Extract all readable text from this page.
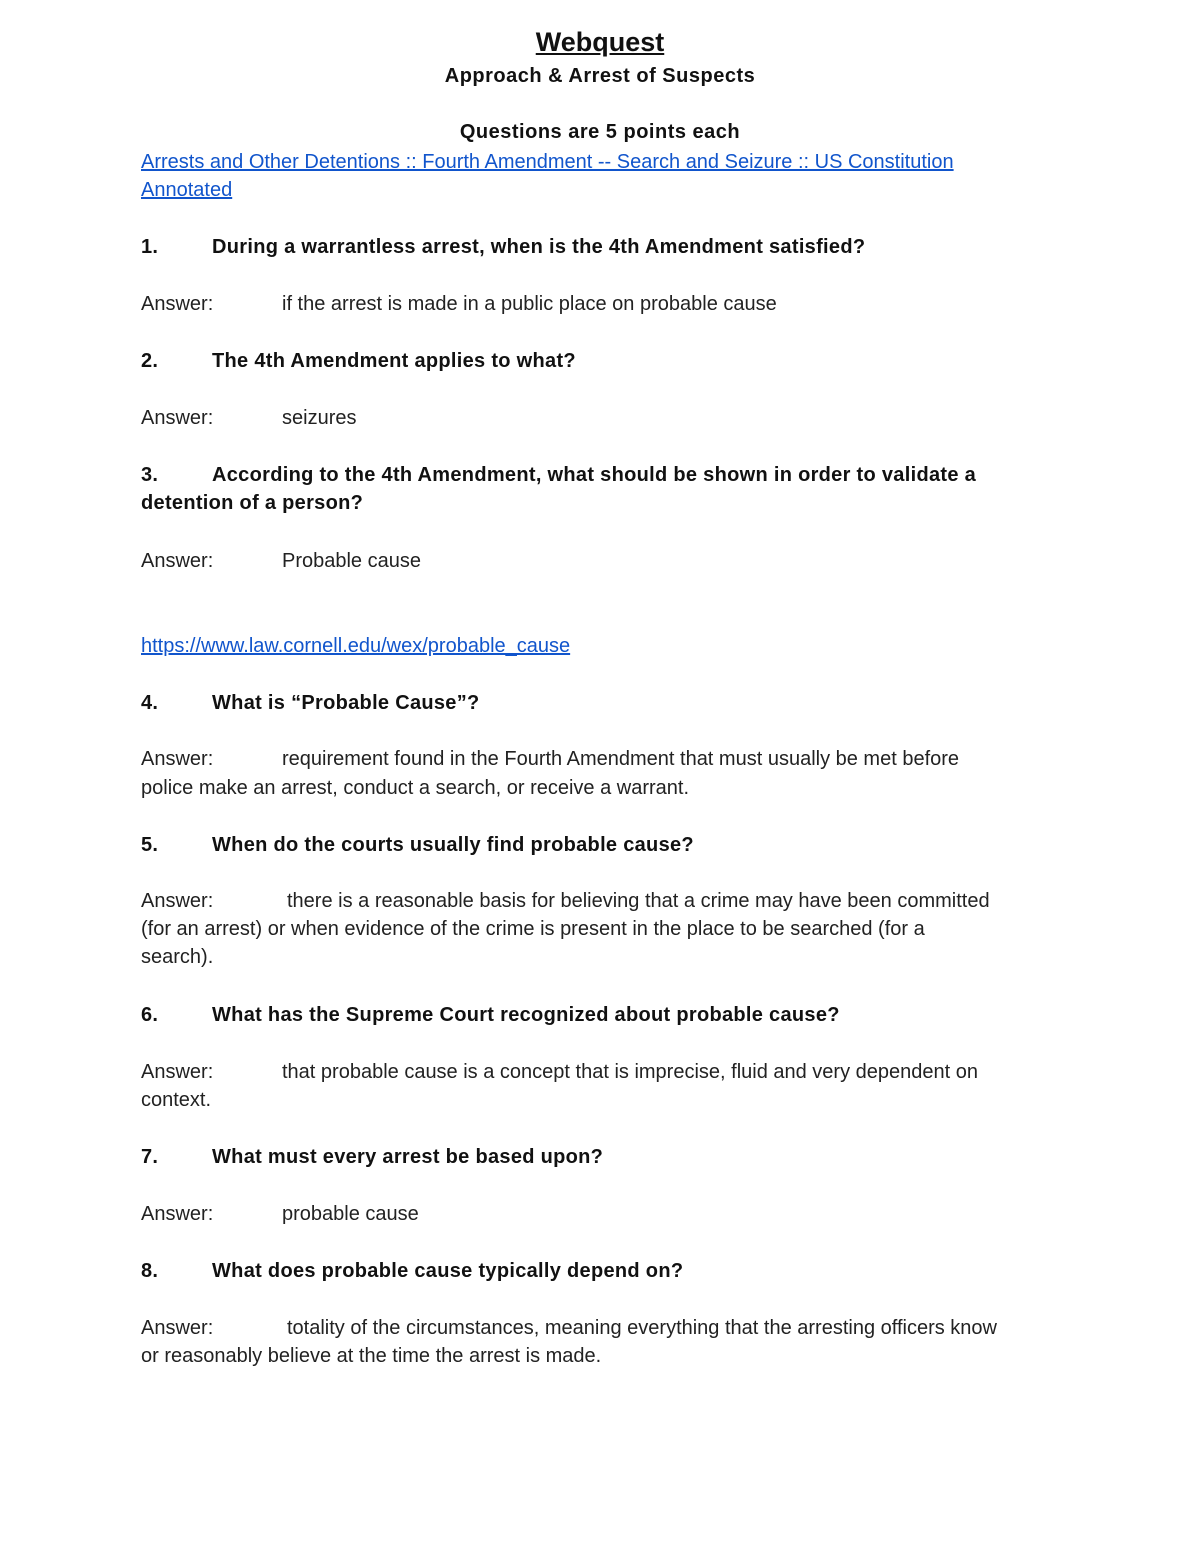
Webquest
Approach & Arrest of Suspects
Questions are 5 points each
Arrests and Other Detentions :: Fourth Amendment -- Search and Seizure :: US Constitution
Annotated
1.	During a warrantless arrest, when is the 4th Amendment satisfied?
Answer:	if the arrest is made in a public place on probable cause
2.	The 4th Amendment applies to what?
Answer:	seizures
3.	According to the 4th Amendment, what should be shown in order to validate a
detention of a person?
Answer:	Probable cause
https://www.law.cornell.edu/wex/probable_cause
4.	What is “Probable Cause”?
Answer:	requirement found in the Fourth Amendment that must usually be met before
police make an arrest, conduct a search, or receive a warrant.
5.	When do the courts usually find probable cause?
Answer:	there is a reasonable basis for believing that a crime may have been committed
(for an arrest) or when evidence of the crime is present in the place to be searched (for a
search).
6.	What has the Supreme Court recognized about probable cause?
Answer:	that probable cause is a concept that is imprecise, fluid and very dependent on
context.
7.	What must every arrest be based upon?
Answer:	probable cause
8.	What does probable cause typically depend on?
Answer:	totality of the circumstances, meaning everything that the arresting officers know
or reasonably believe at the time the arrest is made.
